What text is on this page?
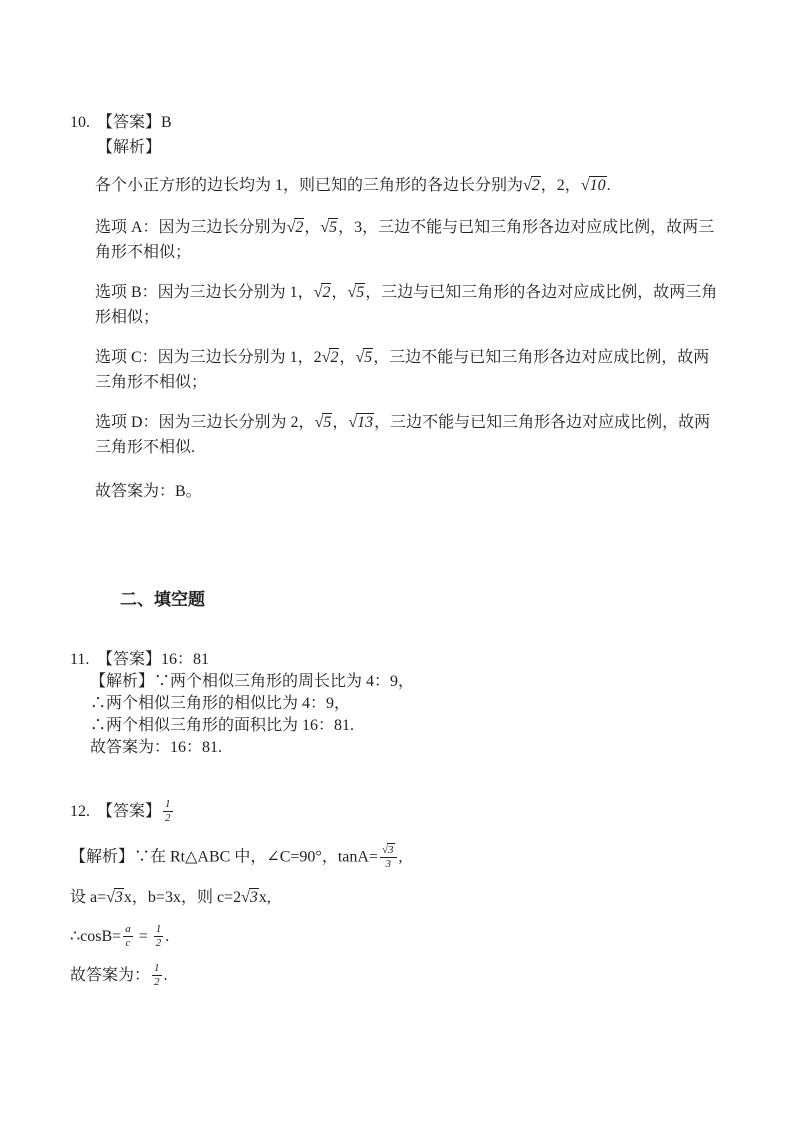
10. 【答案】B
【解析】

各个小正方形的边长均为 1，则已知的三角形的各边长分别为√2，2，√10.

选项 A：因为三边长分别为√2，√5，3，三边不能与已知三角形各边对应成比例，故两三角形不相似；

选项 B：因为三边长分别为 1，√2，√5，三边与已知三角形的各边对应成比例，故两三角形相似；

选项 C：因为三边长分别为 1，2√2，√5，三边不能与已知三角形各边对应成比例，故两三角形不相似；

选项 D：因为三边长分别为 2，√5，√13，三边不能与已知三角形各边对应成比例，故两三角形不相似.

故答案为：B。

二、填空题
11. 【答案】16：81
【解析】∵两个相似三角形的周长比为 4：9，
∴两个相似三角形的相似比为 4：9，
∴两个相似三角形的面积比为 16：81.
故答案为：16：81.
12. 【答案】 $\frac{1}{2}$
【解析】∵在 Rt△ABC 中，∠C=90°，$\tan A= \frac{√3}{3}$ ,
设 a=√3x，b=3x，则 c=2√3x,
∴cosB= $\frac{a}{c} = \frac{1}{2}$ .
故答案为： $\frac{1}{2}$ .
